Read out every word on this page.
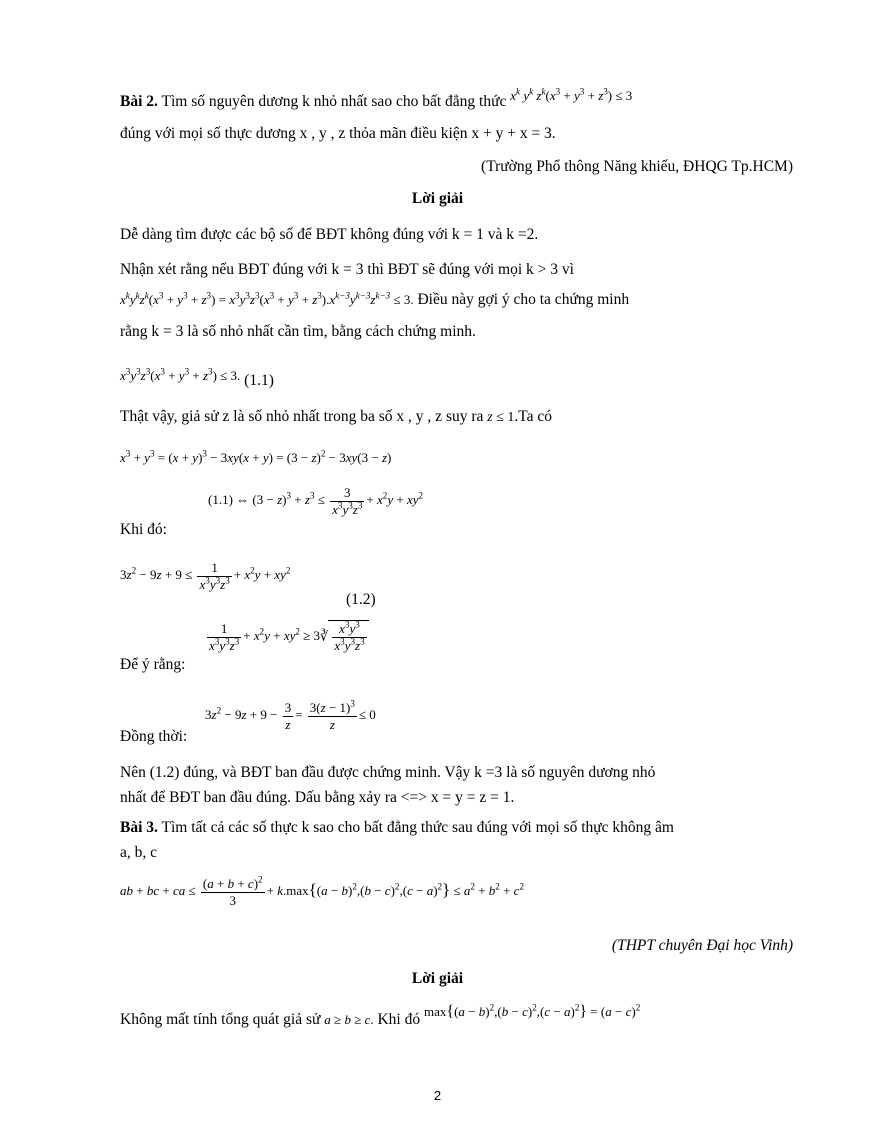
Bài 2. Tìm số nguyên dương k nhỏ nhất sao cho bất đẳng thức $^{x^k y^k z^k(x^3 + y^3 + z^3) \le 3}$
đúng với mọi số thực dương x , y , z thỏa mãn điều kiện x + y + x = 3.
(Trường Phổ thông Năng khiếu, ĐHQG Tp.HCM)
Lời giải
Dễ dàng tìm được các bộ số để BĐT không đúng với k = 1 và k =2.
Nhận xét rằng nếu BĐT đúng với k = 3 thì BĐT sẽ đúng với mọi k > 3 vì
$x^ky^kz^k(x^3 + y^3 + z^3) = x^3y^3z^3(x^3 + y^3 + z^3).x^{k-3}y^{k-3}z^{k-3} \le 3$. Điều này gợi ý cho ta chứng minh
rằng k = 3 là số nhỏ nhất cần tìm, bằng cách chứng minh.
$x^3y^3z^3(x^3 + y^3 + z^3) \le 3$. (1.1)
Thật vậy, giả sử z là số nhỏ nhất trong ba số x , y , z suy ra z ≤ 1.Ta có
$x^3 + y^3 = (x + y)^3 - 3xy(x + y) = (3 - z)^2 - 3xy(3 - z)$
(1.1) ⇔ $(3 - z)^3 + z^3 \le \frac{3}{x^3y^3z^3} + x^2y + xy^2$
Khi đó:
$3z^2 - 9z + 9 \le \frac{1}{x^3y^3z^3} + x^2y + xy^2$
(1.2)
$\frac{1}{x^3y^3z^3} + x^2y + xy^2$ ≥ 3∛ $\frac{x^3y^3}{x^3y^3z^3}$
Để ý rằng:
$3z^2 - 9z + 9 - \frac{3}{z} = \frac{3(z - 1)^3}{z} \le 0$
Đồng thời:
Nên (1.2) đúng, và BĐT ban đầu được chứng minh. Vậy k =3 là số nguyên dương nhỏ
nhất để BĐT ban đầu đúng. Dấu bằng xảy ra <=> x = y = z = 1.
Bài 3. Tìm tất cả các số thực k sao cho bất đẳng thức sau đúng với mọi số thực không âm
a, b, c
ab + bc + ca ≤ $\frac{(a + b + c)^2}{3} + k.\max\{(a - b)^2,(b - c)^2,(c - a)^2\} \le a^2 + b^2 + c^2$
(THPT chuyên Đại học Vinh)
Lời giải
Không mất tính tổng quát giả sử a ≥ b ≥ c. Khi đó $^{max\{(a - b)^2,(b - c)^2,(c - a)^2\} = (a - c)^2}$
2
